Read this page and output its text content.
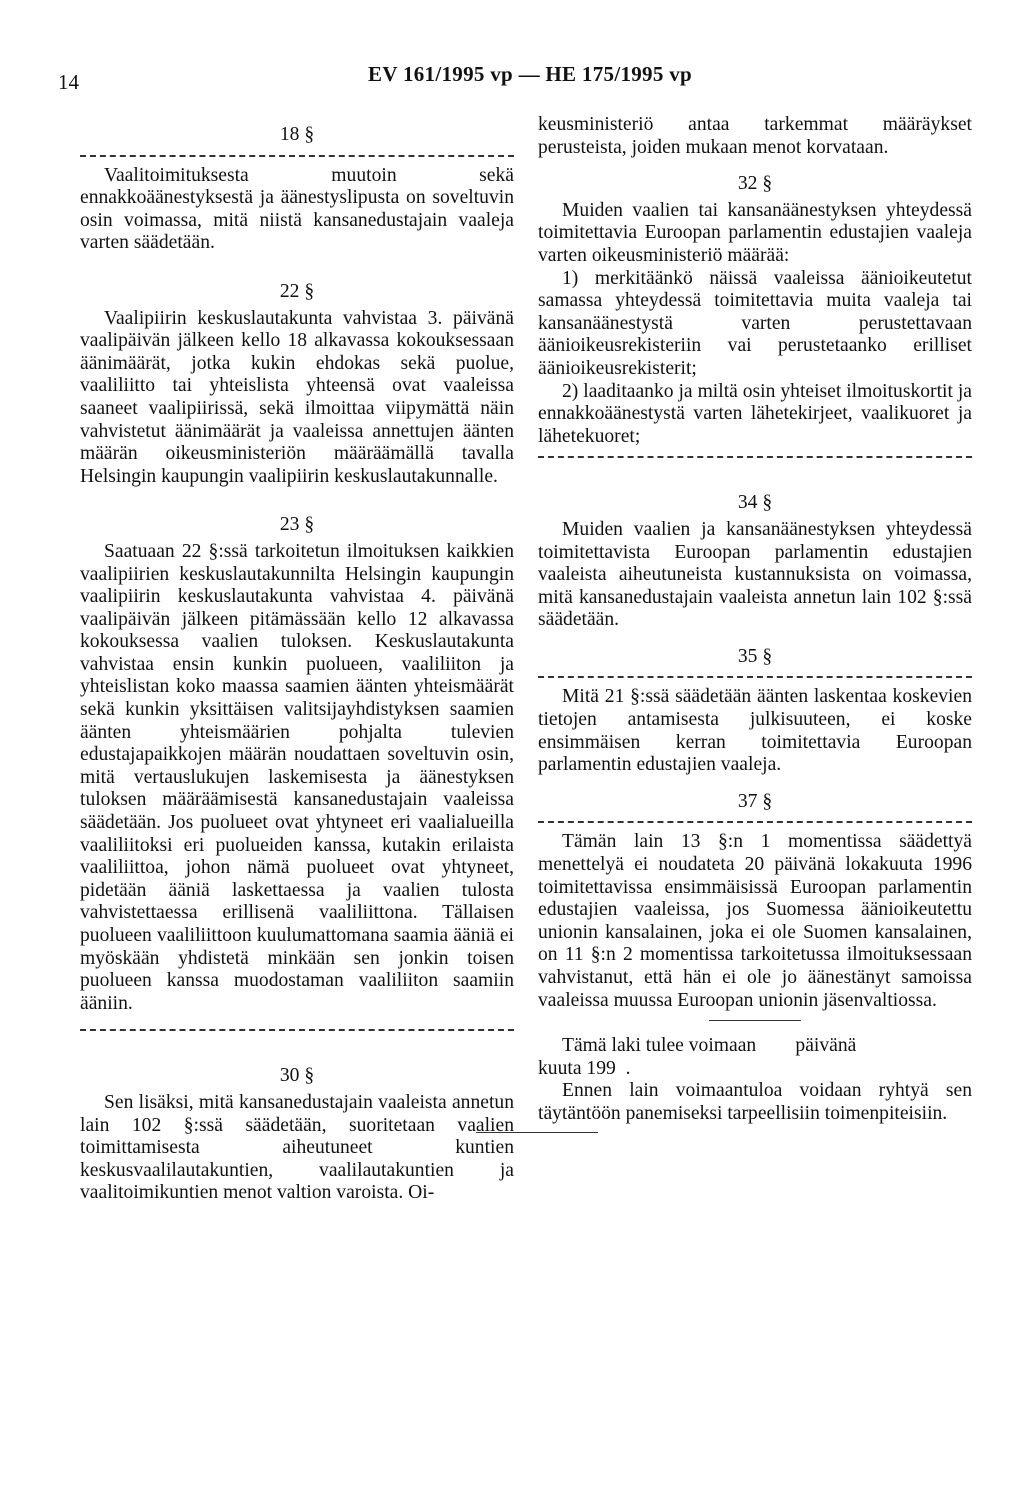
14	EV 161/1995 vp — HE 175/1995 vp
18 §

Vaalitoimituksesta muutoin sekä ennakkoäänestyksestä ja äänestyslipusta on soveltuvin osin voimassa, mitä niistä kansanedustajain vaaleja varten säädetään.

22 §

Vaalipiirin keskuslautakunta vahvistaa 3. päivänä vaalipäivän jälkeen kello 18 alkavassa kokouksessaan äänimäärät, jotka kukin ehdokas sekä puolue, vaaliliitto tai yhteislista yhteensä ovat vaaleissa saaneet vaalipiirissä, sekä ilmoittaa viipymättä näin vahvistetut äänimäärät ja vaaleissa annettujen äänten määrän oikeusministeriön määräämällä tavalla Helsingin kaupungin vaalipiirin keskuslautakunnalle.

23 §

Saatuaan 22 §:ssä tarkoitetun ilmoituksen kaikkien vaalipiirien keskuslautakunnilta Helsingin kaupungin vaalipiirin keskuslautakunta vahvistaa 4. päivänä vaalipäivän jälkeen pitämässään kello 12 alkavassa kokouksessa vaalien tuloksen. Keskuslautakunta vahvistaa ensin kunkin puolueen, vaaliliiton ja yhteislistan koko maassa saamien äänten yhteismäärät sekä kunkin yksittäisen valitsijayhdistyksen saamien äänten yhteismäärien pohjalta tulevien edustajapaikkojen määrän noudattaen soveltuvin osin, mitä vertauslukujen laskemisesta ja äänestyksen tuloksen määräämisestä kansanedustajain vaaleissa säädetään. Jos puolueet ovat yhtyneet eri vaalialueilla vaaliliitoksi eri puolueiden kanssa, kutakin erilaista vaaliliittoa, johon nämä puolueet ovat yhtyneet, pidetään ääniä laskettaessa ja vaalien tulosta vahvistettaessa erillisenä vaaliliittona. Tällaisen puolueen vaaliliittoon kuulumattomana saamia ääniä ei myöskään yhdistetä minkään sen jonkin toisen puolueen kanssa muodostaman vaaliliiton saamiin ääniin.

30 §

Sen lisäksi, mitä kansanedustajain vaaleista annetun lain 102 §:ssä säädetään, suoritetaan vaalien toimittamisesta aiheutuneet kuntien keskusvaalilautakuntien, vaalilautakuntien ja vaalitoimikuntien menot valtion varoista. Oi-

keusministeriö antaa tarkemmat määräykset perusteista, joiden mukaan menot korvataan.

32 §

Muiden vaalien tai kansanäänestyksen yhteydessä toimitettavia Euroopan parlamentin edustajien vaaleja varten oikeusministeriö määrää:

1) merkitäänkö näissä vaaleissa äänioikeutetut samassa yhteydessä toimitettavia muita vaaleja tai kansanäänestystä varten perustettavaan äänioikeusrekisteriin vai perustetaanko erilliset äänioikeusrekisterit;

2) laaditaanko ja miltä osin yhteiset ilmoituskortit ja ennakkoäänestystä varten lähetekirjeet, vaalikuoret ja lähetekuoret;

34 §

Muiden vaalien ja kansanäänestyksen yhteydessä toimitettavista Euroopan parlamentin edustajien vaaleista aiheutuneista kustannuksista on voimassa, mitä kansanedustajain vaaleista annetun lain 102 §:ssä säädetään.

35 §

Mitä 21 §:ssä säädetään äänten laskentaa koskevien tietojen antamisesta julkisuuteen, ei koske ensimmäisen kerran toimitettavia Euroopan parlamentin edustajien vaaleja.

37 §

Tämän lain 13 §:n 1 momentissa säädettyä menettelyä ei noudateta 20 päivänä lokakuuta 1996 toimitettavissa ensimmäisissä Euroopan parlamentin edustajien vaaleissa, jos Suomessa äänioikeutettu unionin kansalainen, joka ei ole Suomen kansalainen, on 11 §:n 2 momentissa tarkoitetussa ilmoituksessaan vahvistanut, että hän ei ole jo äänestänyt samoissa vaaleissa muussa Euroopan unionin jäsenvaltiossa.

Tämä laki tulee voimaan        päivänä

kuuta 199  .

Ennen lain voimaantuloa voidaan ryhtyä sen täytäntöön panemiseksi tarpeellisiin toimenpiteisiin.
